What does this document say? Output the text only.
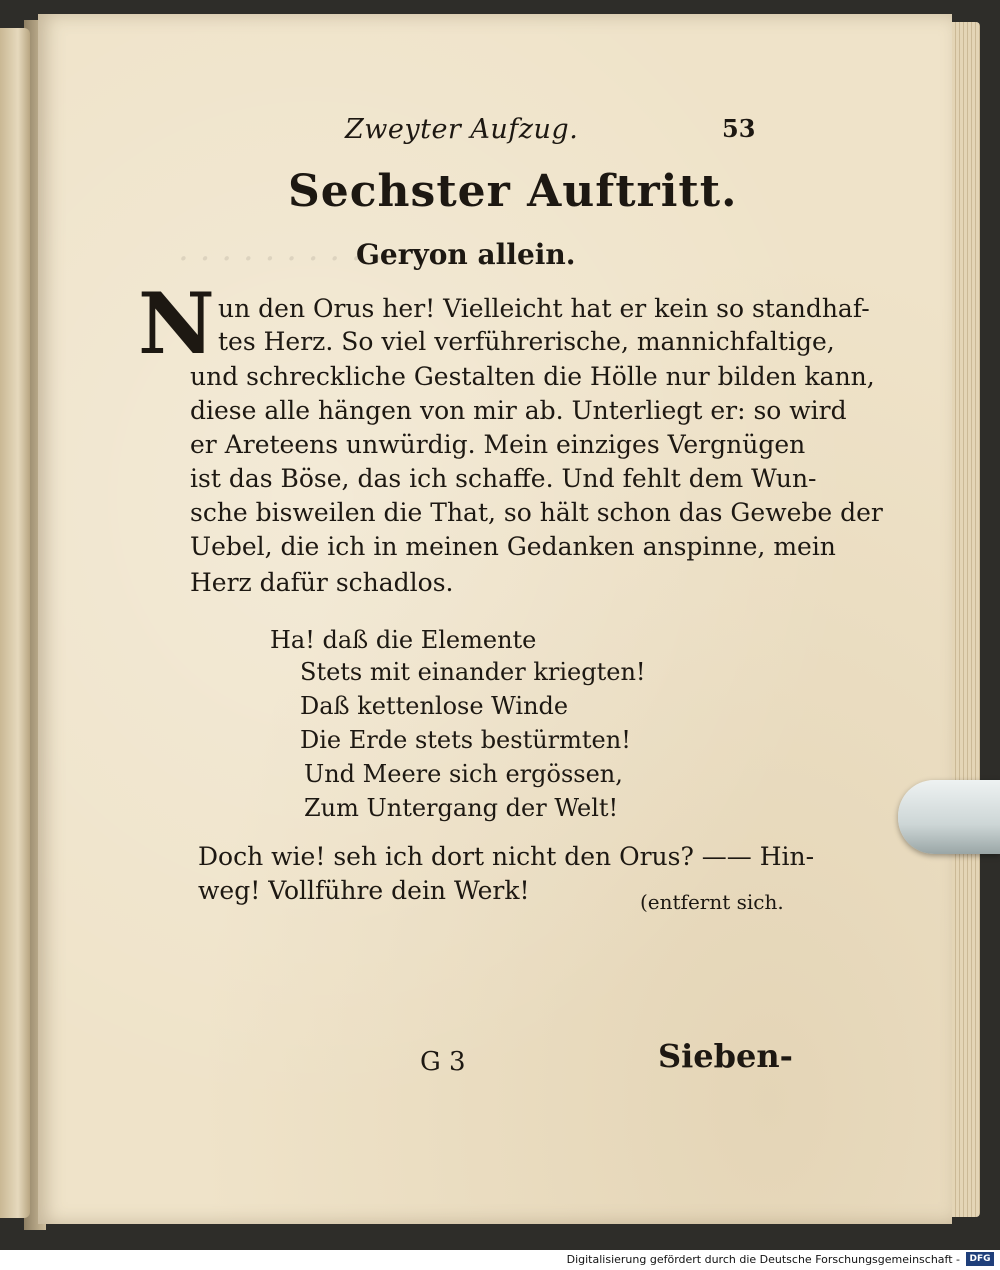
. . . . . . . . . .
Zweyter Aufzug.	53
Sechster Auftritt.
Geryon allein.
N un den Orus her! Vielleicht hat er kein so standhaf-
tes Herz. So viel verführerische, mannichfaltige,
und schreckliche Gestalten die Hölle nur bilden kann,
diese alle hängen von mir ab. Unterliegt er: so wird
er Areteens unwürdig. Mein einziges Vergnügen
ist das Böse, das ich schaffe. Und fehlt dem Wun-
sche bisweilen die That, so hält schon das Gewebe der
Uebel, die ich in meinen Gedanken anspinne, mein
Herz dafür schadlos.
Ha! daß die Elemente
Stets mit einander kriegten!
Daß kettenlose Winde
Die Erde stets bestürmten!
Und Meere sich ergössen,
Zum Untergang der Welt!
Doch wie! seh ich dort nicht den Orus? —— Hin-
weg! Vollführe dein Werk!	(entfernt sich.
G 3	Sieben-
Digitalisierung gefördert durch die Deutsche Forschungsgemeinschaft -	DFG
